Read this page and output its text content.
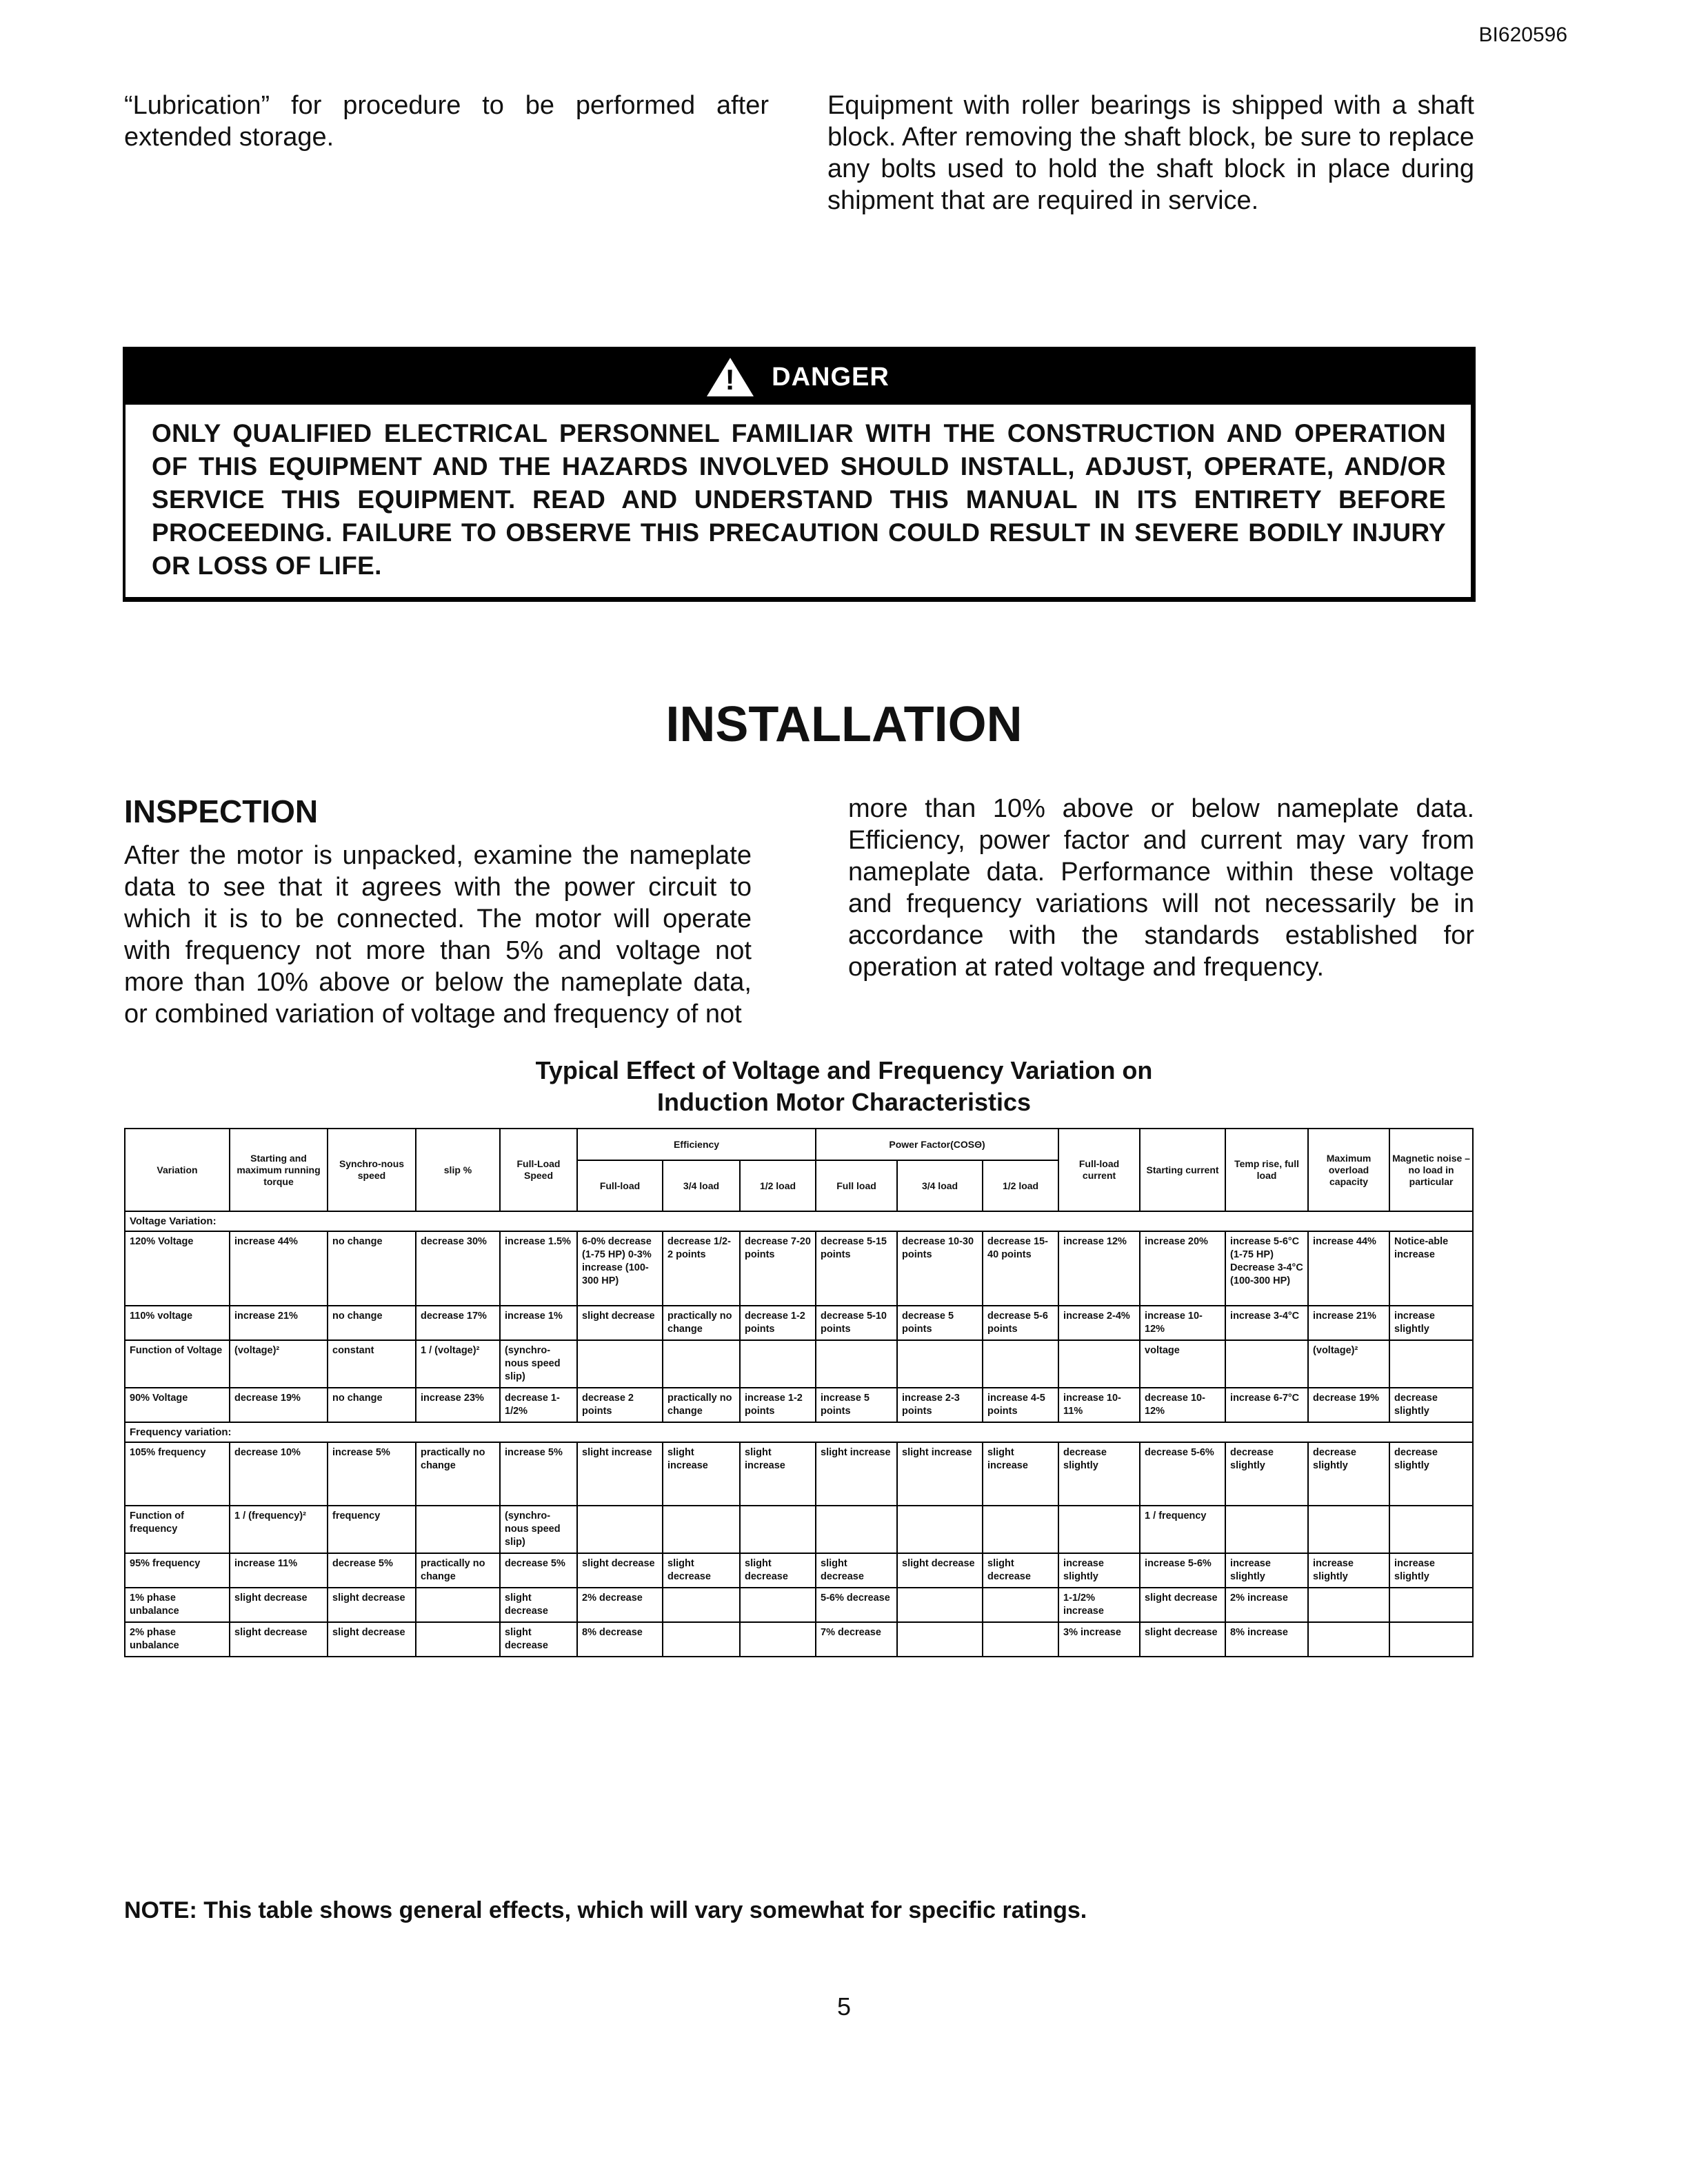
BI620596

“Lubrication” for procedure to be performed after extended storage.

Equipment with roller bearings is shipped with a shaft block. After removing the shaft block, be sure to replace any bolts used to hold the shaft block in place during shipment that are required in service.

! DANGER
ONLY QUALIFIED ELECTRICAL PERSONNEL FAMILIAR WITH THE CONSTRUCTION AND OPERATION OF THIS EQUIPMENT AND THE HAZARDS INVOLVED SHOULD INSTALL, ADJUST, OPERATE, AND/OR SERVICE THIS EQUIPMENT. READ AND UNDERSTAND THIS MANUAL IN ITS ENTIRETY BEFORE PROCEEDING. FAILURE TO OBSERVE THIS PRECAUTION COULD RESULT IN SEVERE BODILY INJURY OR LOSS OF LIFE.
INSTALLATION
INSPECTION

After the motor is unpacked, examine the nameplate data to see that it agrees with the power circuit to which it is to be connected. The motor will operate with frequency not more than 5% and voltage not more than 10% above or below the nameplate data, or combined variation of voltage and frequency of not

more than 10% above or below nameplate data. Efficiency, power factor and current may vary from nameplate data. Performance within these voltage and frequency variations will not necessarily be in accordance with the standards established for operation at rated voltage and frequency.

Typical Effect of Voltage and Frequency Variation on
Induction Motor Characteristics
Variation	Starting and maximum running torque	Synchro-nous speed	slip %	Full-Load Speed	Efficiency			Power Factor(COSΘ)			Full-load current	Starting current	Temp rise, full load	Maximum overload capacity	Magnetic noise – no load in particular
					Full-load	3/4 load	1/2 load	Full load	3/4 load	1/2 load					
Voltage Variation:															
120% Voltage	increase 44%	no change	decrease 30%	increase 1.5%	6-0% decrease (1-75 HP) 0-3% increase (100-300 HP)	decrease 1/2-2 points	decrease 7-20 points	decrease 5-15 points	decrease 10-30 points	decrease 15-40 points	increase 12%	increase 20%	increase 5-6°C (1-75 HP) Decrease 3-4°C (100-300 HP)	increase 44%	Notice-able increase
110% voltage	increase 21%	no change	decrease 17%	increase 1%	slight decrease	practically no change	decrease 1-2 points	decrease 5-10 points	decrease 5 points	decrease 5-6 points	increase 2-4%	increase 10-12%	increase 3-4°C	increase 21%	increase slightly
Function of Voltage	(voltage)²	constant	1 / (voltage)²	(synchro-nous speed slip)								voltage		(voltage)²	
90% Voltage	decrease 19%	no change	increase 23%	decrease 1-1/2%	decrease 2 points	practically no change	increase 1-2 points	increase 5 points	increase 2-3 points	increase 4-5 points	increase 10-11%	decrease 10-12%	increase 6-7°C	decrease 19%	decrease slightly
Frequency variation:															
105% frequency	decrease 10%	increase 5%	practically no change	increase 5%	slight increase	slight increase	slight increase	slight increase	slight increase	slight increase	decrease slightly	decrease 5-6%	decrease slightly	decrease slightly	decrease slightly
Function of frequency	1 / (frequency)²	frequency		(synchro-nous speed slip)								1 / frequency			
95% frequency	increase 11%	decrease 5%	practically no change	decrease 5%	slight decrease	slight decrease	slight decrease	slight decrease	slight decrease	slight decrease	increase slightly	increase 5-6%	increase slightly	increase slightly	increase slightly
1% phase unbalance	slight decrease	slight decrease		slight decrease	2% decrease			5-6% decrease			1-1/2% increase	slight decrease	2% increase		
2% phase unbalance	slight decrease	slight decrease		slight decrease	8% decrease			7% decrease			3% increase	slight decrease	8% increase		
NOTE: This table shows general effects, which will vary somewhat for specific ratings.
5
